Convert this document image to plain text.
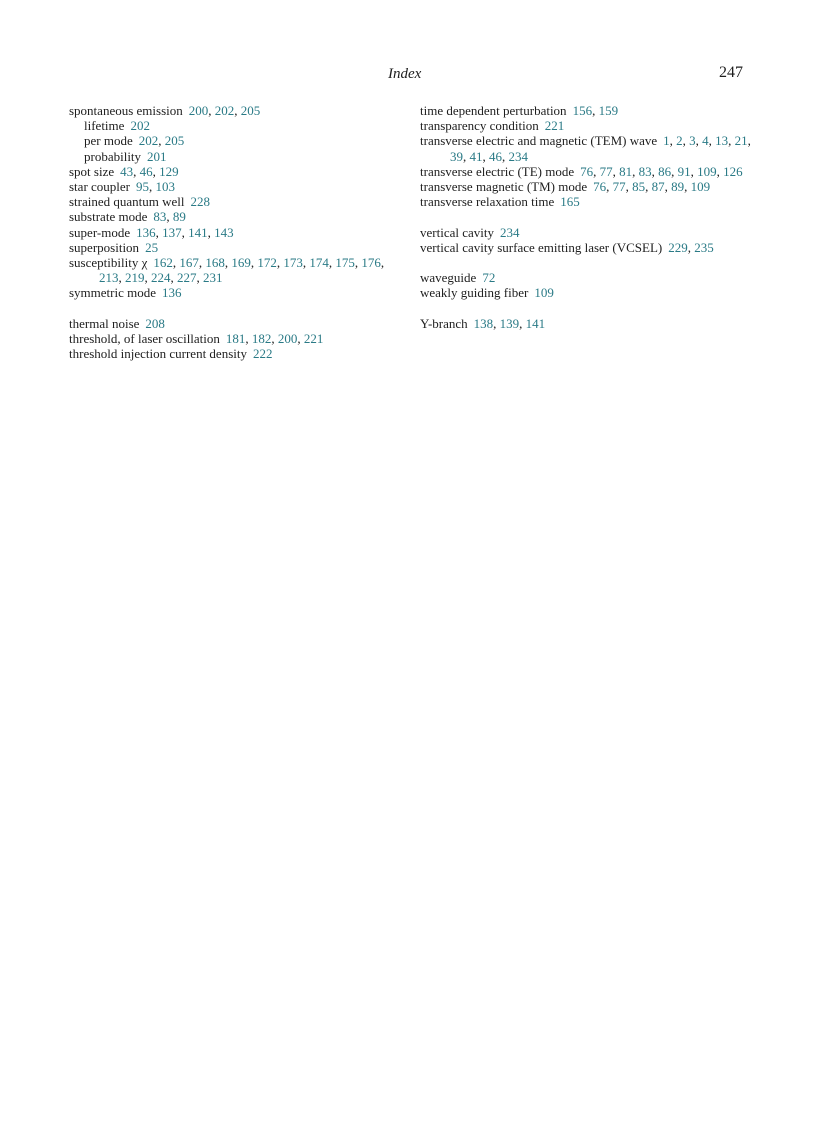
Index	247
spontaneous emission 200, 202, 205
lifetime 202
per mode 202, 205
probability 201
spot size 43, 46, 129
star coupler 95, 103
strained quantum well 228
substrate mode 83, 89
super-mode 136, 137, 141, 143
superposition 25
susceptibility χ 162, 167, 168, 169, 172, 173, 174, 175, 176, 213, 219, 224, 227, 231
symmetric mode 136
thermal noise 208
threshold, of laser oscillation 181, 182, 200, 221
threshold injection current density 222
time dependent perturbation 156, 159
transparency condition 221
transverse electric and magnetic (TEM) wave 1, 2, 3, 4, 13, 21, 39, 41, 46, 234
transverse electric (TE) mode 76, 77, 81, 83, 86, 91, 109, 126
transverse magnetic (TM) mode 76, 77, 85, 87, 89, 109
transverse relaxation time 165
vertical cavity 234
vertical cavity surface emitting laser (VCSEL) 229, 235
waveguide 72
weakly guiding fiber 109
Y-branch 138, 139, 141
